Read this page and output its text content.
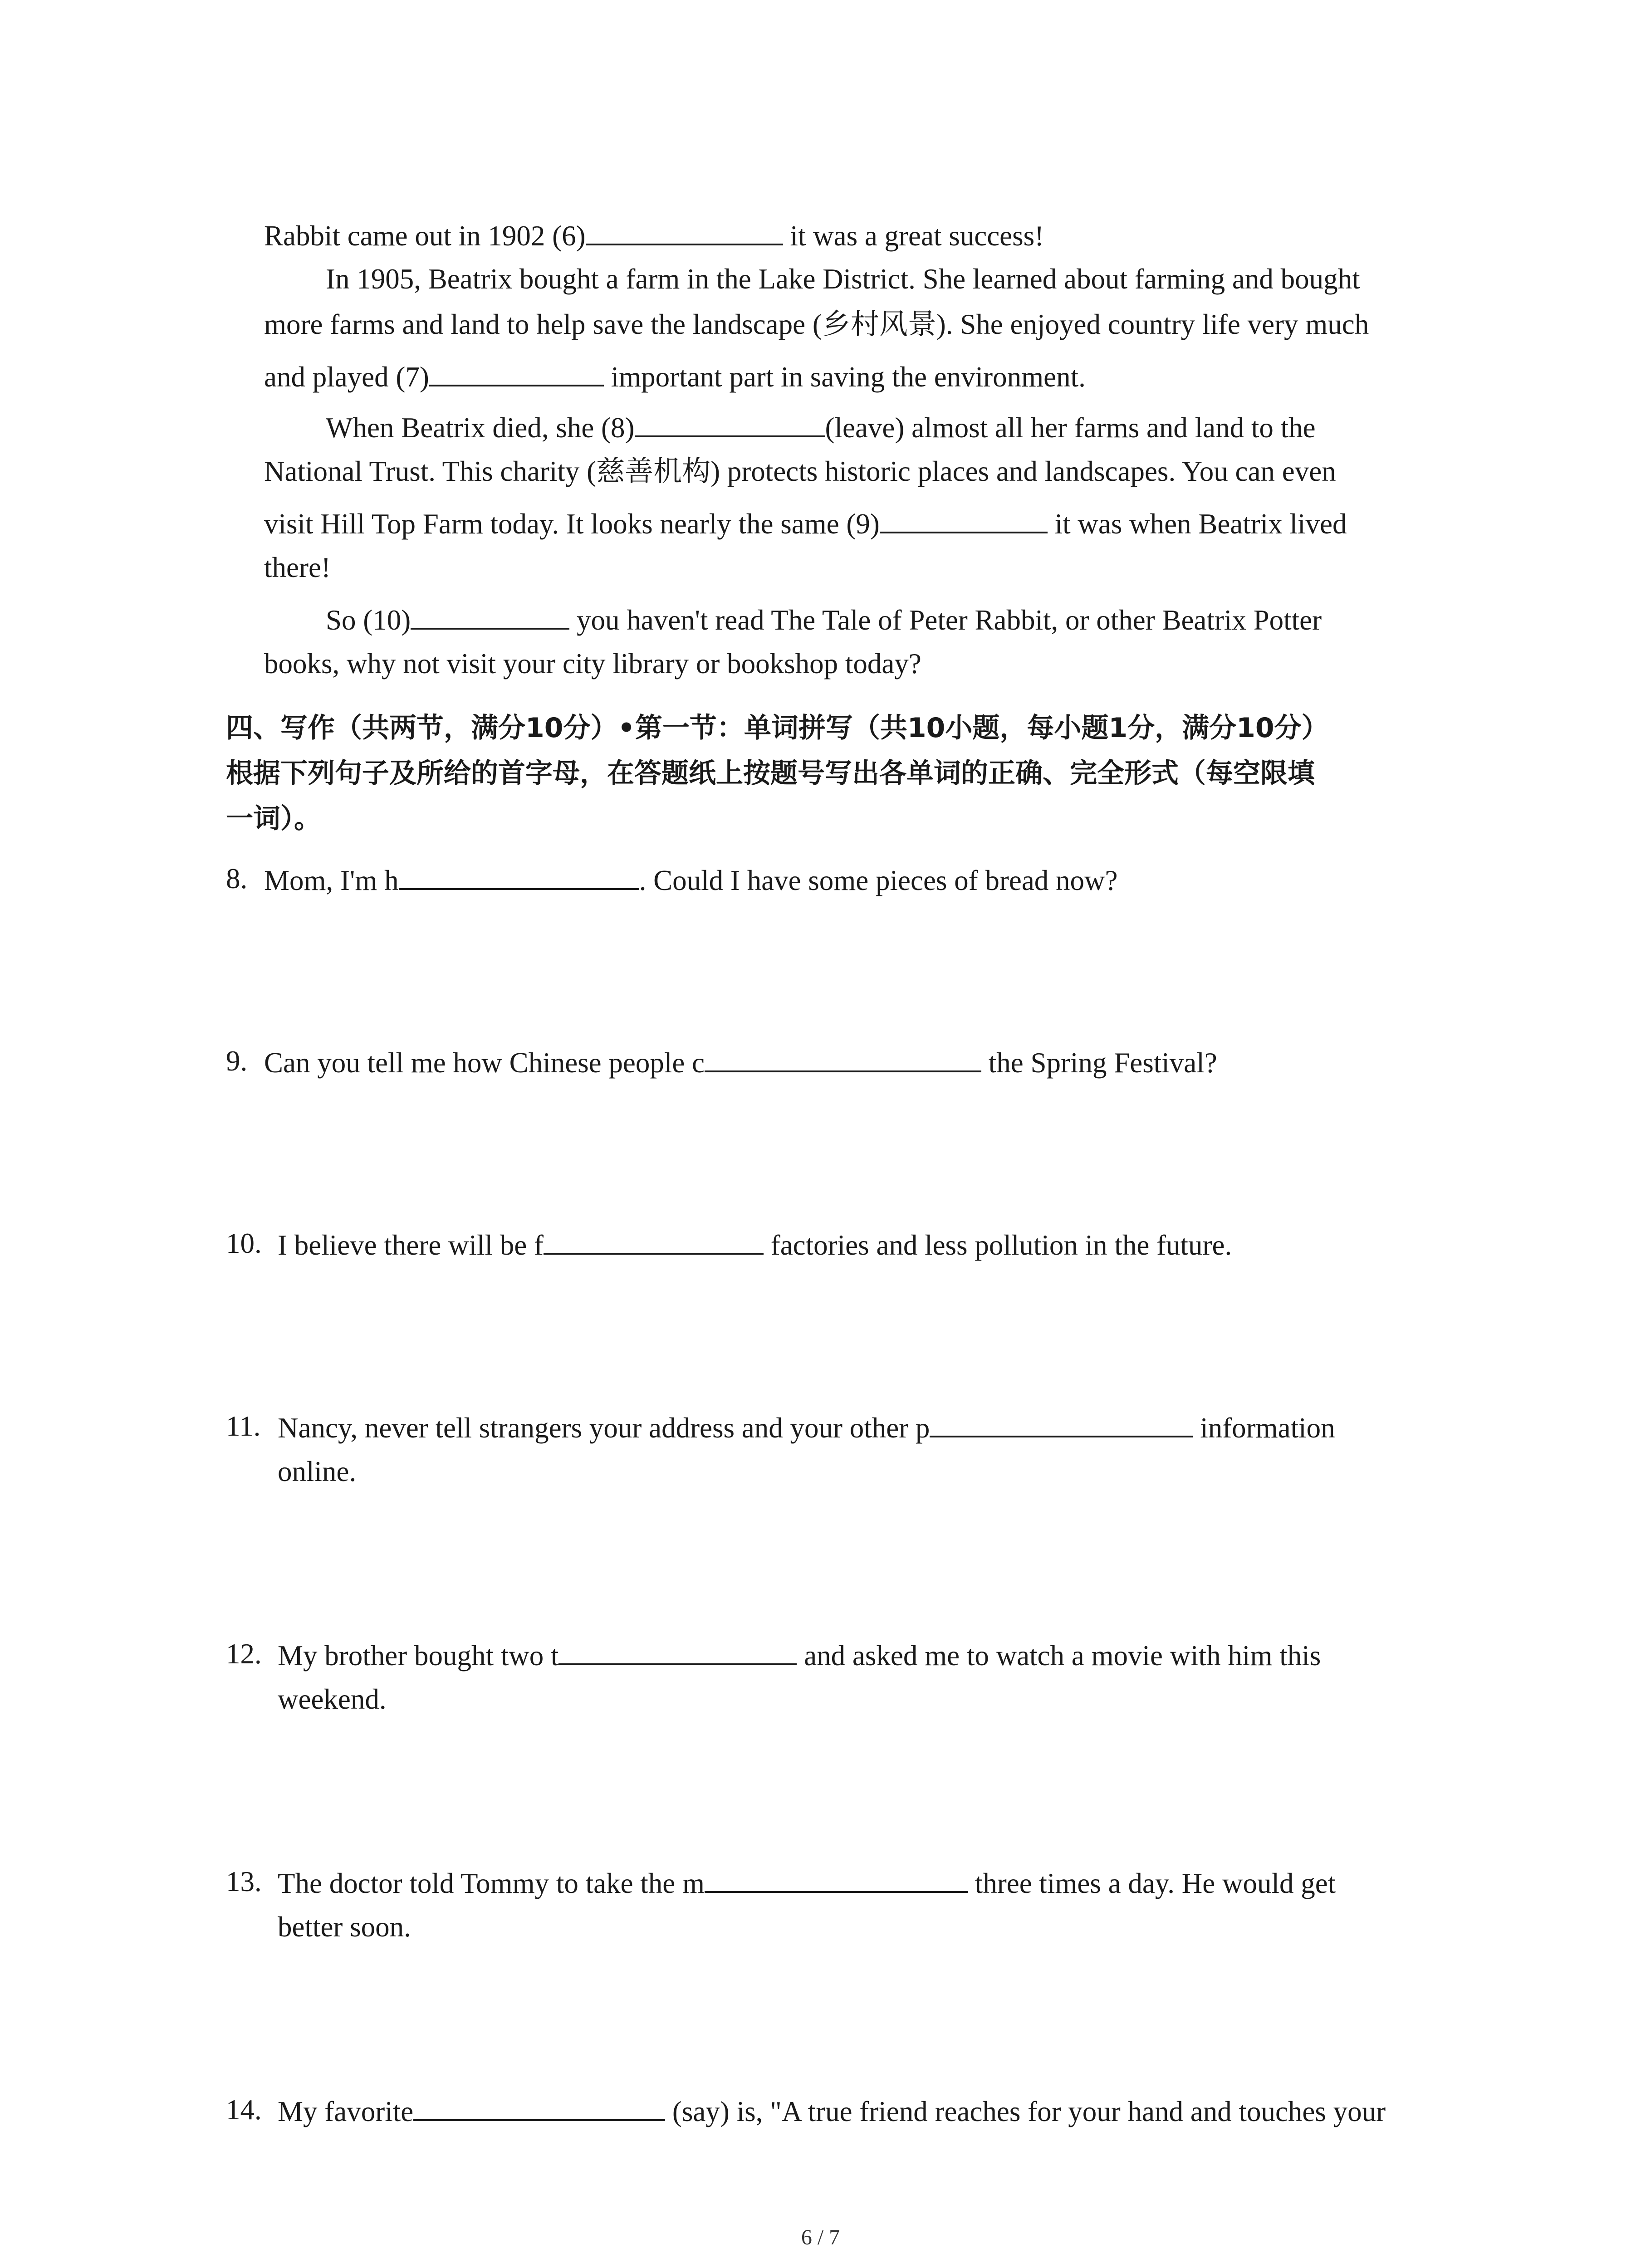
Rabbit came out in 1902 (6)	it was a great success!
In 1905, Beatrix bought a farm in the Lake District. She learned about farming and bought
more farms and land to help save the landscape (乡村风景). She enjoyed country life very much
and played (7)	important part in saving the environment.
When Beatrix died, she (8)	(leave) almost all her farms and land to the
National Trust. This charity (慈善机构) protects historic places and landscapes. You can even
visit Hill Top Farm today. It looks nearly the same (9)	it was when Beatrix lived
there!
So (10)	you haven't read The Tale of Peter Rabbit, or other Beatrix Potter
books, why not visit your city library or bookshop today?
四、写作（共两节，满分10分）•第一节：单词拼写（共10小题，每小题1分，满分10分）
根据下列句子及所给的首字母，在答题纸上按题号写出各单词的正确、完全形式（每空限填
一词）。
8. Mom, I'm h	. Could I have some pieces of bread now?
9. Can you tell me how Chinese people c	the Spring Festival?
10. I believe there will be f	factories and less pollution in the future.
11. Nancy, never tell strangers your address and your other p	information
online.
12. My brother bought two t	and asked me to watch a movie with him this
weekend.
13. The doctor told Tommy to take the m	three times a day. He would get
better soon.
14. My favorite	(say) is, "A true friend reaches for your hand and touches your
6 / 7
